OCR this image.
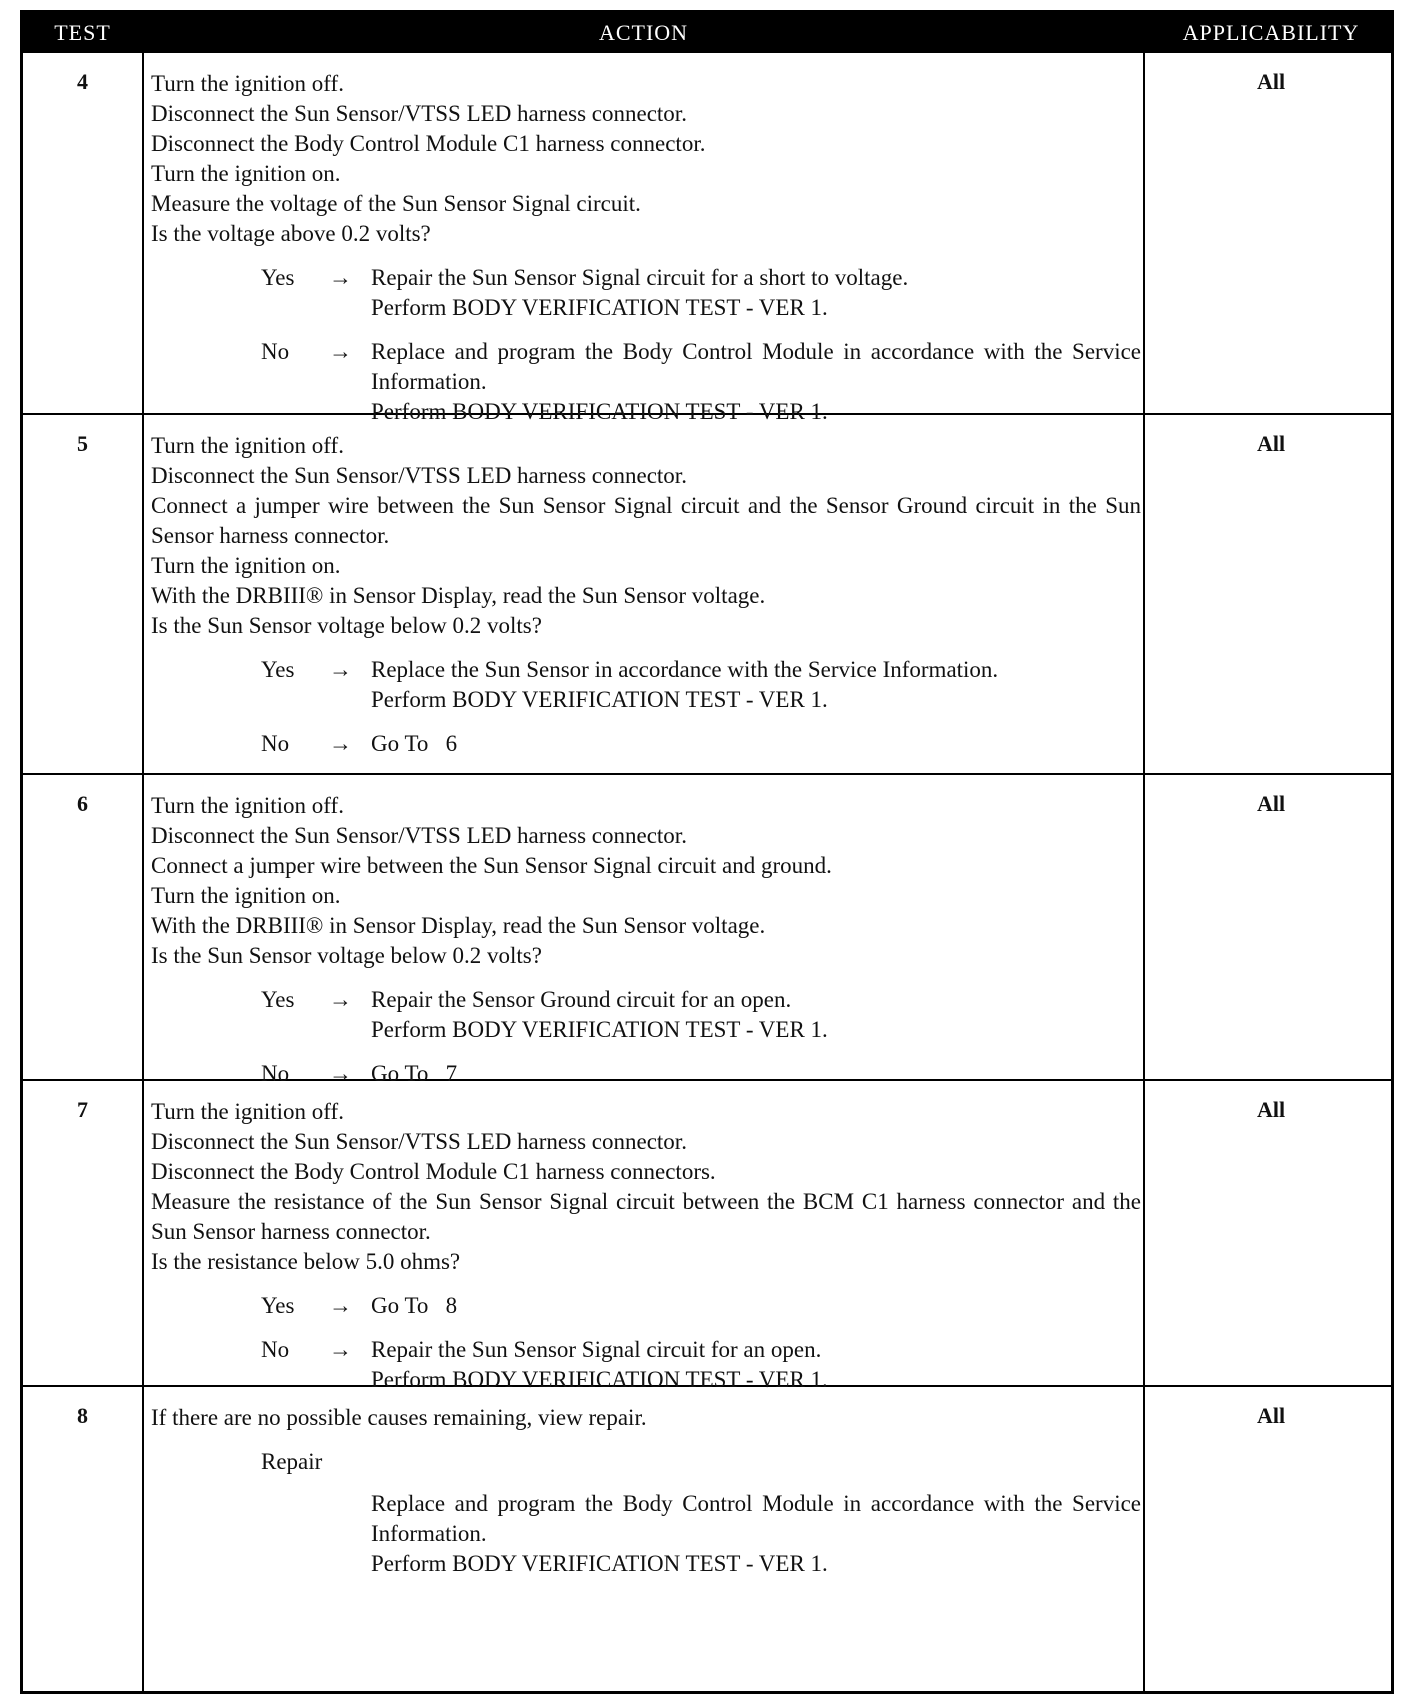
TEST	ACTION	APPLICABILITY
4	Turn the ignition off.

Disconnect the Sun Sensor/VTSS LED harness connector.

Disconnect the Body Control Module C1 harness connector.

Turn the ignition on.

Measure the voltage of the Sun Sensor Signal circuit.

Is the voltage above 0.2 volts?

Yes	→ Repair the Sun Sensor Signal circuit for a short to voltage.
Perform BODY VERIFICATION TEST - VER 1.
No	→ Replace and program the Body Control Module in accordance with the Service Information.
Perform BODY VERIFICATION TEST - VER 1.
All
5	Turn the ignition off.

Disconnect the Sun Sensor/VTSS LED harness connector.

Connect a jumper wire between the Sun Sensor Signal circuit and the Sensor Ground circuit in the Sun Sensor harness connector.

Turn the ignition on.

With the DRBIII® in Sensor Display, read the Sun Sensor voltage.

Is the Sun Sensor voltage below 0.2 volts?

Yes	→ Replace the Sun Sensor in accordance with the Service Information.
Perform BODY VERIFICATION TEST - VER 1.
No	→ Go To   6
All
6	Turn the ignition off.

Disconnect the Sun Sensor/VTSS LED harness connector.

Connect a jumper wire between the Sun Sensor Signal circuit and ground.

Turn the ignition on.

With the DRBIII® in Sensor Display, read the Sun Sensor voltage.

Is the Sun Sensor voltage below 0.2 volts?

Yes	→ Repair the Sensor Ground circuit for an open.
Perform BODY VERIFICATION TEST - VER 1.
No	→ Go To   7
All
7	Turn the ignition off.

Disconnect the Sun Sensor/VTSS LED harness connector.

Disconnect the Body Control Module C1 harness connectors.

Measure the resistance of the Sun Sensor Signal circuit between the BCM C1 harness connector and the Sun Sensor harness connector.

Is the resistance below 5.0 ohms?

Yes	→ Go To   8
No	→ Repair the Sun Sensor Signal circuit for an open.
Perform BODY VERIFICATION TEST - VER 1.
All
8	If there are no possible causes remaining, view repair.

Repair
Replace and program the Body Control Module in accordance with the Service Information.
Perform BODY VERIFICATION TEST - VER 1.
All
